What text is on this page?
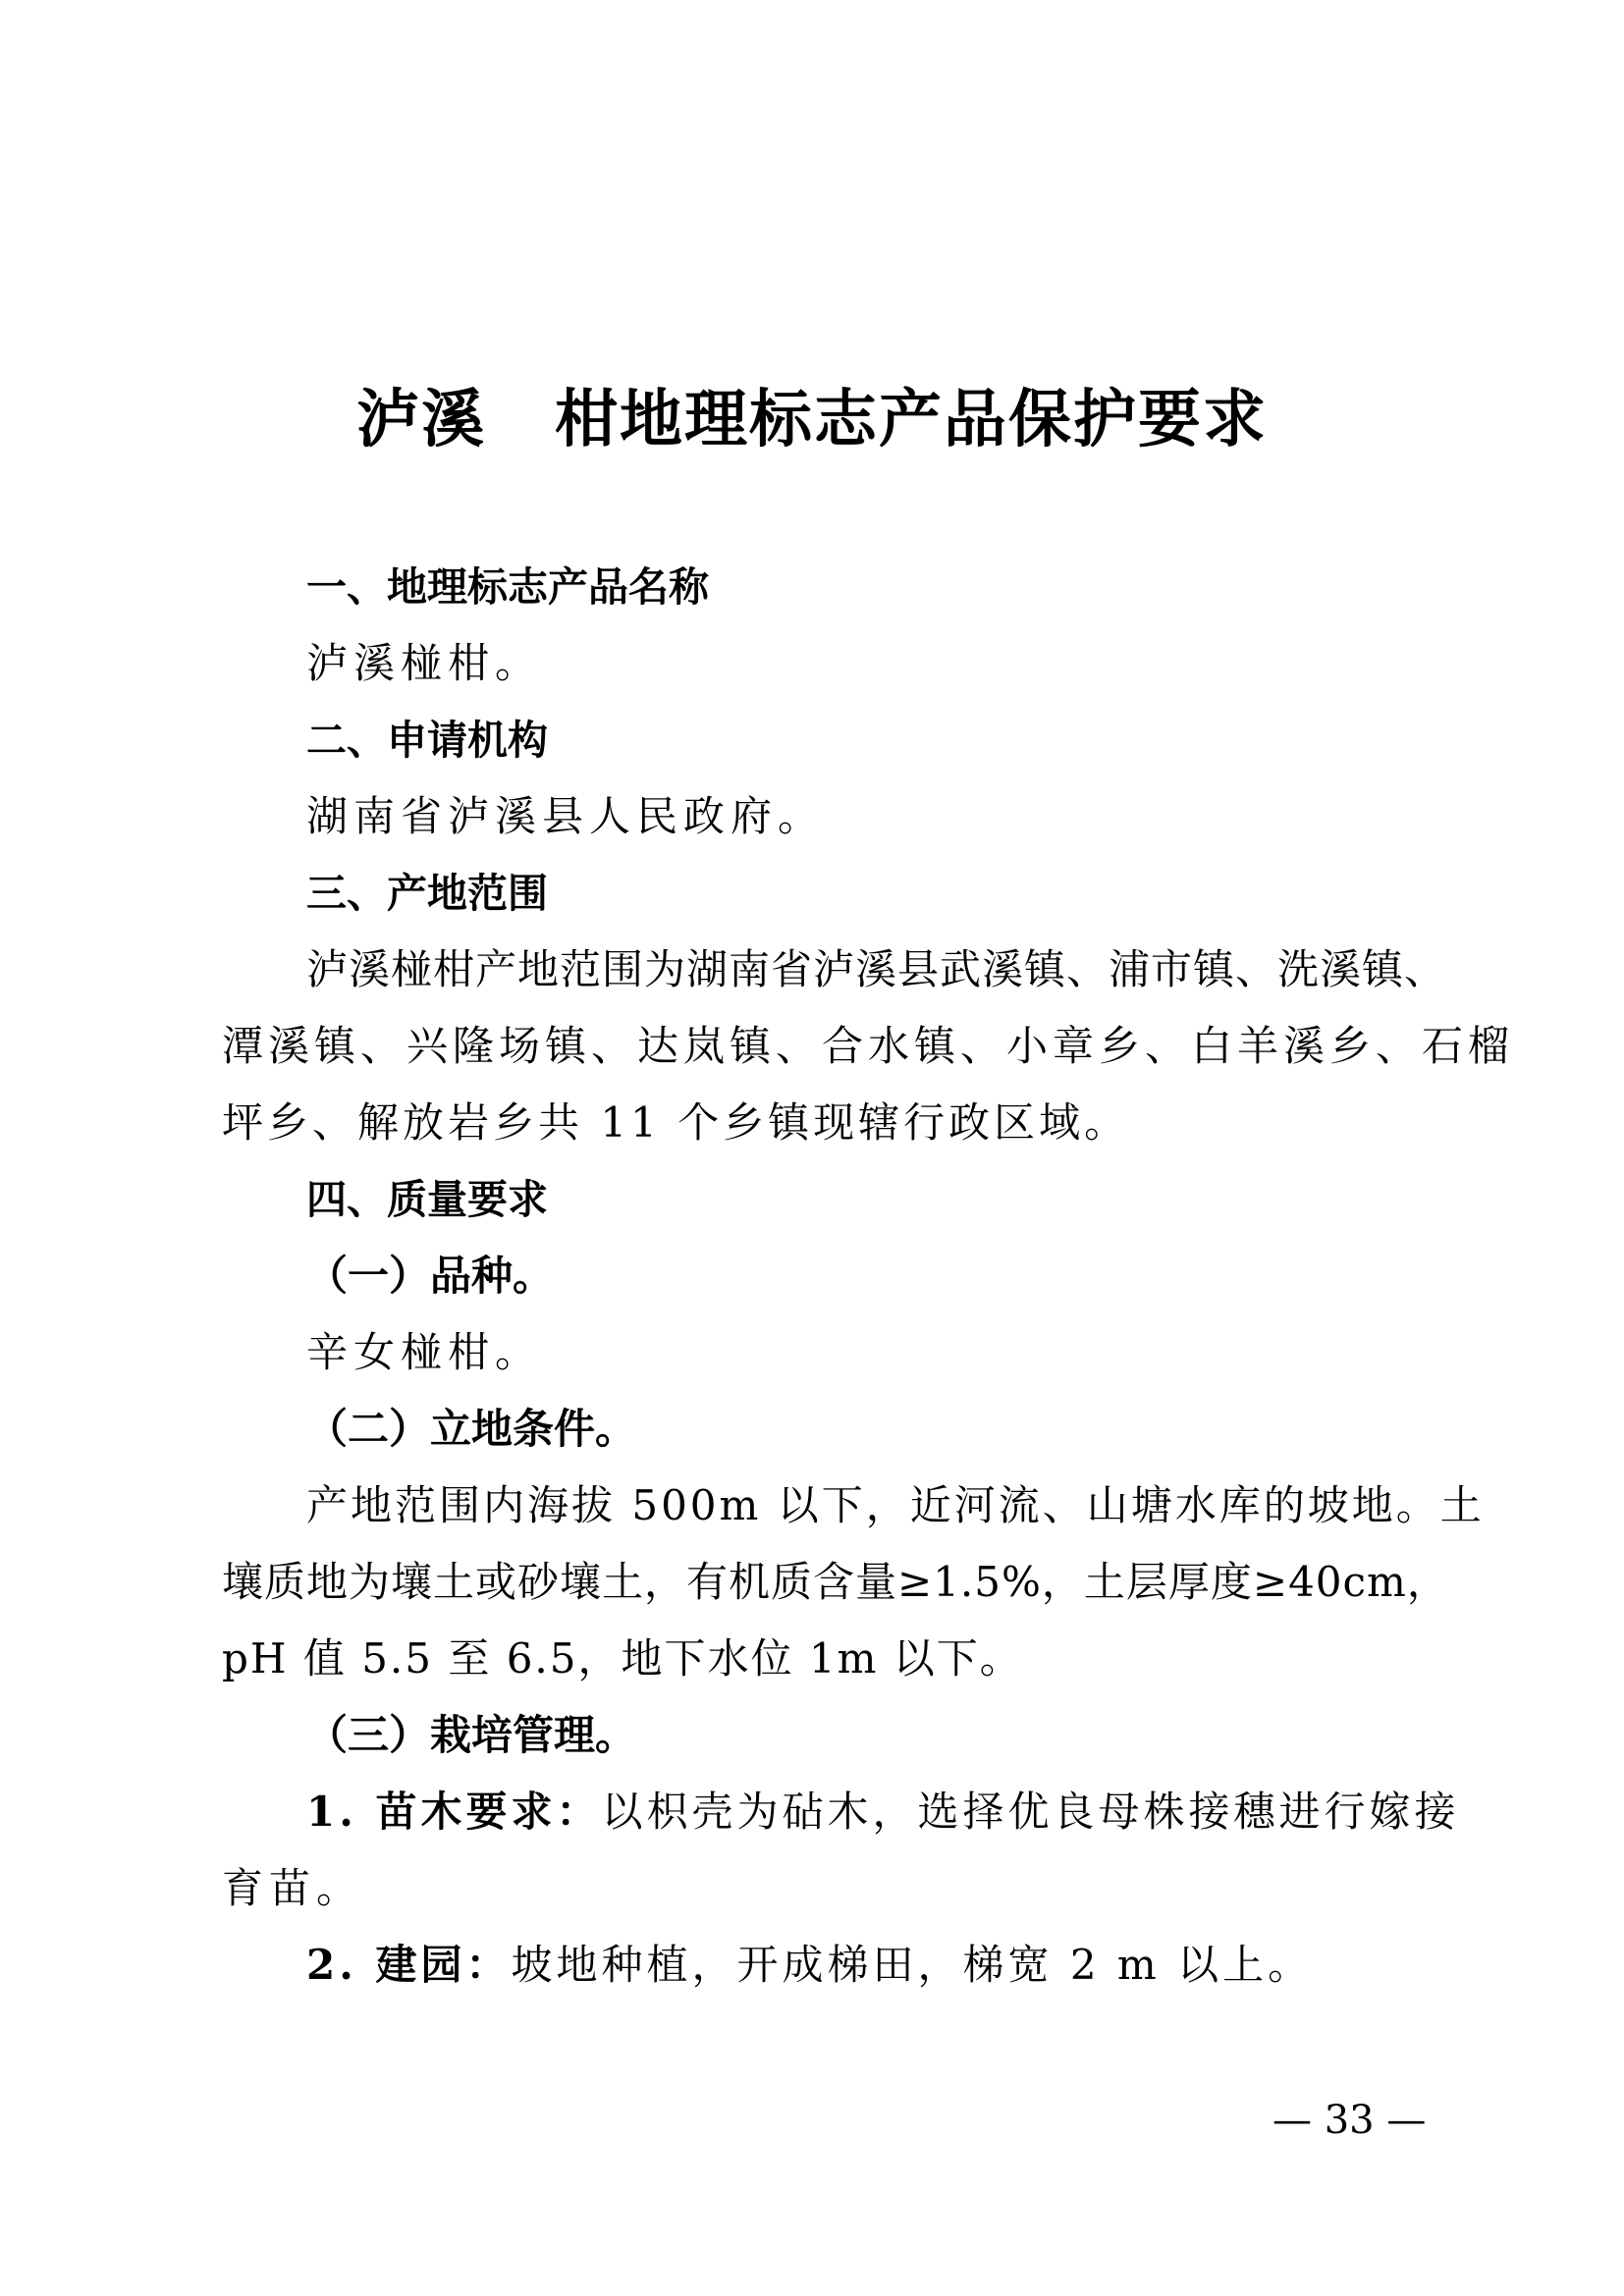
泸溪 柑地理标志产品保护要求
一、地理标志产品名称
泸溪椪柑。
二、申请机构
湖南省泸溪县人民政府。
三、产地范围
泸溪椪柑产地范围为湖南省泸溪县武溪镇、浦市镇、洗溪镇、
潭溪镇、兴隆场镇、达岚镇、合水镇、小章乡、白羊溪乡、石榴
坪乡、解放岩乡共 11 个乡镇现辖行政区域。
四、质量要求
（一）品种。
辛女椪柑。
（二）立地条件。
产地范围内海拔 500m 以下，近河流、山塘水库的坡地。土
壤质地为壤土或砂壤土，有机质含量≥1.5%，土层厚度≥40cm，
pH 值 5.5 至 6.5，地下水位 1m 以下。
（三）栽培管理。
1. 苗木要求：以枳壳为砧木，选择优良母株接穗进行嫁接
育苗。
2. 建园：坡地种植，开成梯田，梯宽 2 m 以上。
— 33 —
